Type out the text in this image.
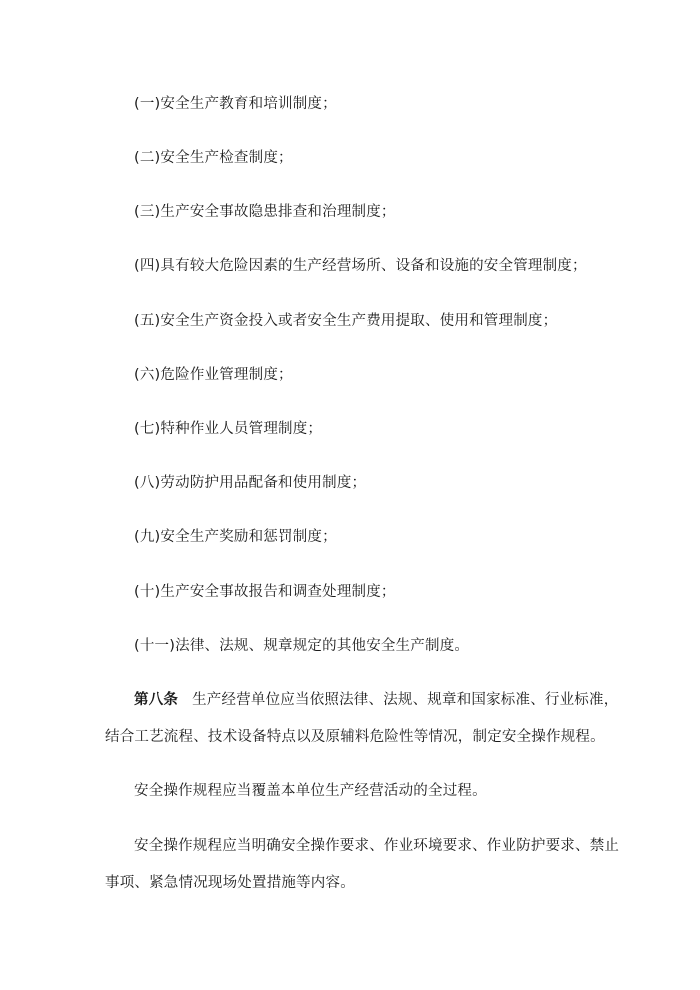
(一)安全生产教育和培训制度；
(二)安全生产检查制度；
(三)生产安全事故隐患排查和治理制度；
(四)具有较大危险因素的生产经营场所、设备和设施的安全管理制度；
(五)安全生产资金投入或者安全生产费用提取、使用和管理制度；
(六)危险作业管理制度；
(七)特种作业人员管理制度；
(八)劳动防护用品配备和使用制度；
(九)安全生产奖励和惩罚制度；
(十)生产安全事故报告和调查处理制度；
(十一)法律、法规、规章规定的其他安全生产制度。
第八条 生产经营单位应当依照法律、法规、规章和国家标准、行业标准，
结合工艺流程、技术设备特点以及原辅料危险性等情况，制定安全操作规程。
安全操作规程应当覆盖本单位生产经营活动的全过程。
安全操作规程应当明确安全操作要求、作业环境要求、作业防护要求、禁止
事项、紧急情况现场处置措施等内容。
